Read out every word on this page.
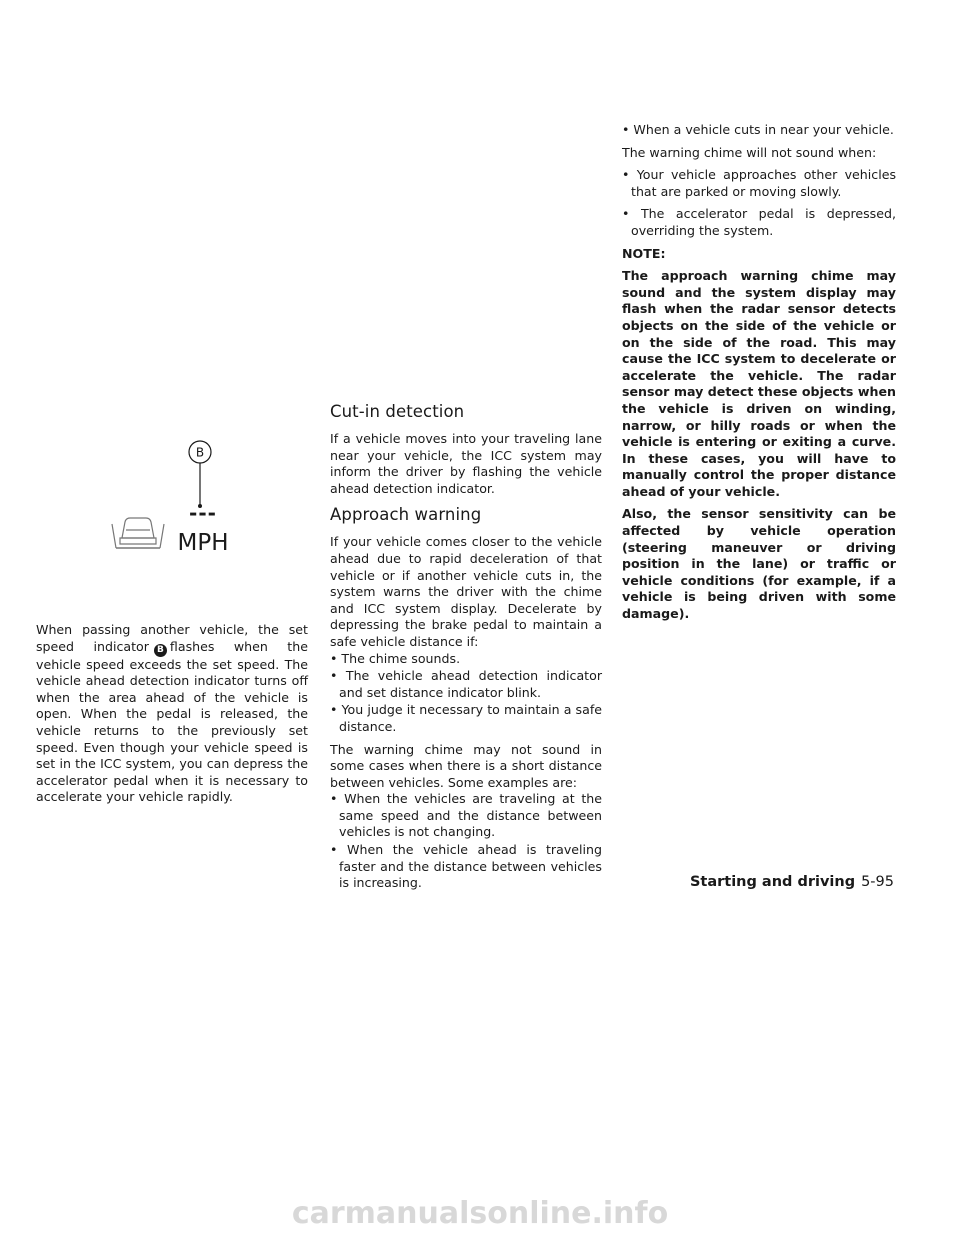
B
---
MPH

When passing another vehicle, the set speed indicator B flashes when the vehicle speed exceeds the set speed. The vehicle ahead detection indicator turns off when the area ahead of the vehicle is open. When the pedal is released, the vehicle returns to the previously set speed. Even though your vehicle speed is set in the ICC system, you can depress the accelerator pedal when it is necessary to accelerate your vehicle rapidly.

Cut-in detection

If a vehicle moves into your traveling lane near your vehicle, the ICC system may inform the driver by flashing the vehicle ahead detection indicator.

Approach warning

If your vehicle comes closer to the vehicle ahead due to rapid deceleration of that vehicle or if another vehicle cuts in, the system warns the driver with the chime and ICC system display. Decelerate by depressing the brake pedal to maintain a safe vehicle distance if:

• The chime sounds.
• The vehicle ahead detection indicator and set distance indicator blink.
• You judge it necessary to maintain a safe distance.

The warning chime may not sound in some cases when there is a short distance between vehicles. Some examples are:

• When the vehicles are traveling at the same speed and the distance between vehicles is not changing.
• When the vehicle ahead is traveling faster and the distance between vehicles is increasing.
• When a vehicle cuts in near your vehicle.

The warning chime will not sound when:

• Your vehicle approaches other vehicles that are parked or moving slowly.
• The accelerator pedal is depressed, overriding the system.

NOTE:

The approach warning chime may sound and the system display may flash when the radar sensor detects objects on the side of the vehicle or on the side of the road. This may cause the ICC system to decelerate or accelerate the vehicle. The radar sensor may detect these objects when the vehicle is driven on winding, narrow, or hilly roads or when the vehicle is entering or exiting a curve. In these cases, you will have to manually control the proper distance ahead of your vehicle.

Also, the sensor sensitivity can be affected by vehicle operation (steering maneuver or driving position in the lane) or traffic or vehicle conditions (for example, if a vehicle is being driven with some damage).

Starting and driving 5-95
carmanualsonline.info
